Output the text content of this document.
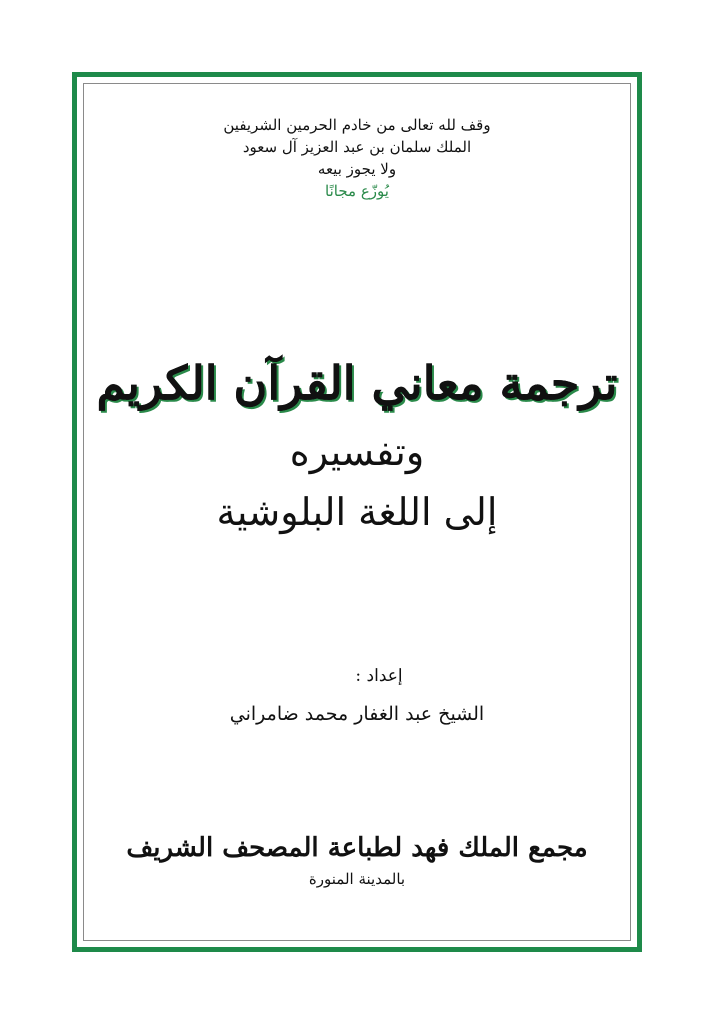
وقف لله تعالى من خادم الحرمين الشريفين
الملك سلمان بن عبد العزيز آل سعود
ولا يجوز بيعه
يُوزّع مجانًا
ترجمة معاني القرآن الكريم
وتفسيره
إلى اللغة البلوشية
إعداد :
الشيخ عبد الغفار محمد ضامراني
مجمع الملك فهد لطباعة المصحف الشريف
بالمدينة المنورة
